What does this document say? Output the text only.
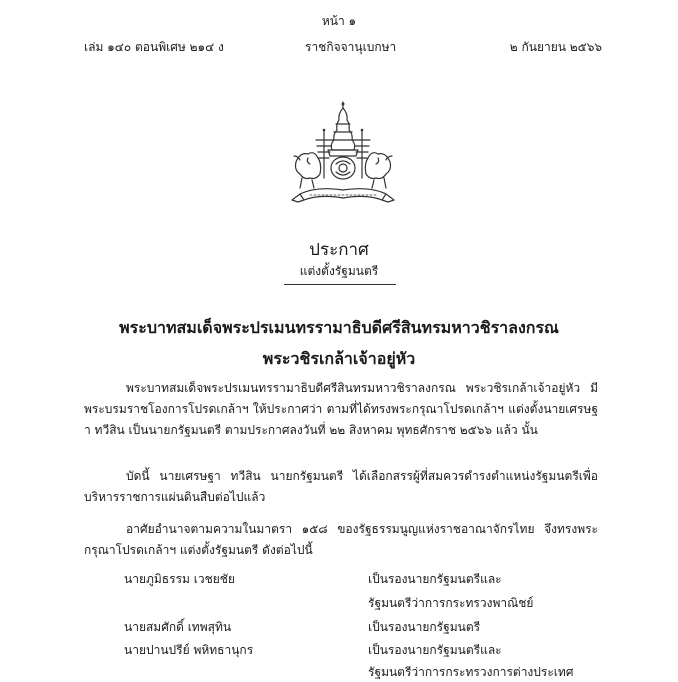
หน้า ๑
เล่ม ๑๔๐ ตอนพิเศษ ๒๑๔ ง	ราชกิจจานุเบกษา	๒ กันยายน ๒๕๖๖
ประกาศ
แต่งตั้งรัฐมนตรี
พระบาทสมเด็จพระปรเมนทรรามาธิบดีศรีสินทรมหาวชิราลงกรณ
พระวชิรเกล้าเจ้าอยู่หัว

พระบาทสมเด็จพระปรเมนทรรามาธิบดีศรีสินทรมหาวชิราลงกรณ พระวชิรเกล้าเจ้าอยู่หัว มีพระบรมราชโองการโปรดเกล้าฯ ให้ประกาศว่า ตามที่ได้ทรงพระกรุณาโปรดเกล้าฯ แต่งตั้งนายเศรษฐา ทวีสิน เป็นนายกรัฐมนตรี ตามประกาศลงวันที่ ๒๒ สิงหาคม พุทธศักราช ๒๕๖๖ แล้ว นั้น

บัดนี้ นายเศรษฐา ทวีสิน นายกรัฐมนตรี ได้เลือกสรรผู้ที่สมควรดำรงตำแหน่งรัฐมนตรีเพื่อบริหารราชการแผ่นดินสืบต่อไปแล้ว

อาศัยอำนาจตามความในมาตรา ๑๕๘ ของรัฐธรรมนูญแห่งราชอาณาจักรไทย จึงทรงพระกรุณาโปรดเกล้าฯ แต่งตั้งรัฐมนตรี ดังต่อไปนี้

นายภูมิธรรม เวชยชัย	เป็นรองนายกรัฐมนตรีและ
รัฐมนตรีว่าการกระทรวงพาณิชย์
นายสมศักดิ์ เทพสุทิน	เป็นรองนายกรัฐมนตรี
นายปานปรีย์ พหิทธานุกร	เป็นรองนายกรัฐมนตรีและ
รัฐมนตรีว่าการกระทรวงการต่างประเทศ
